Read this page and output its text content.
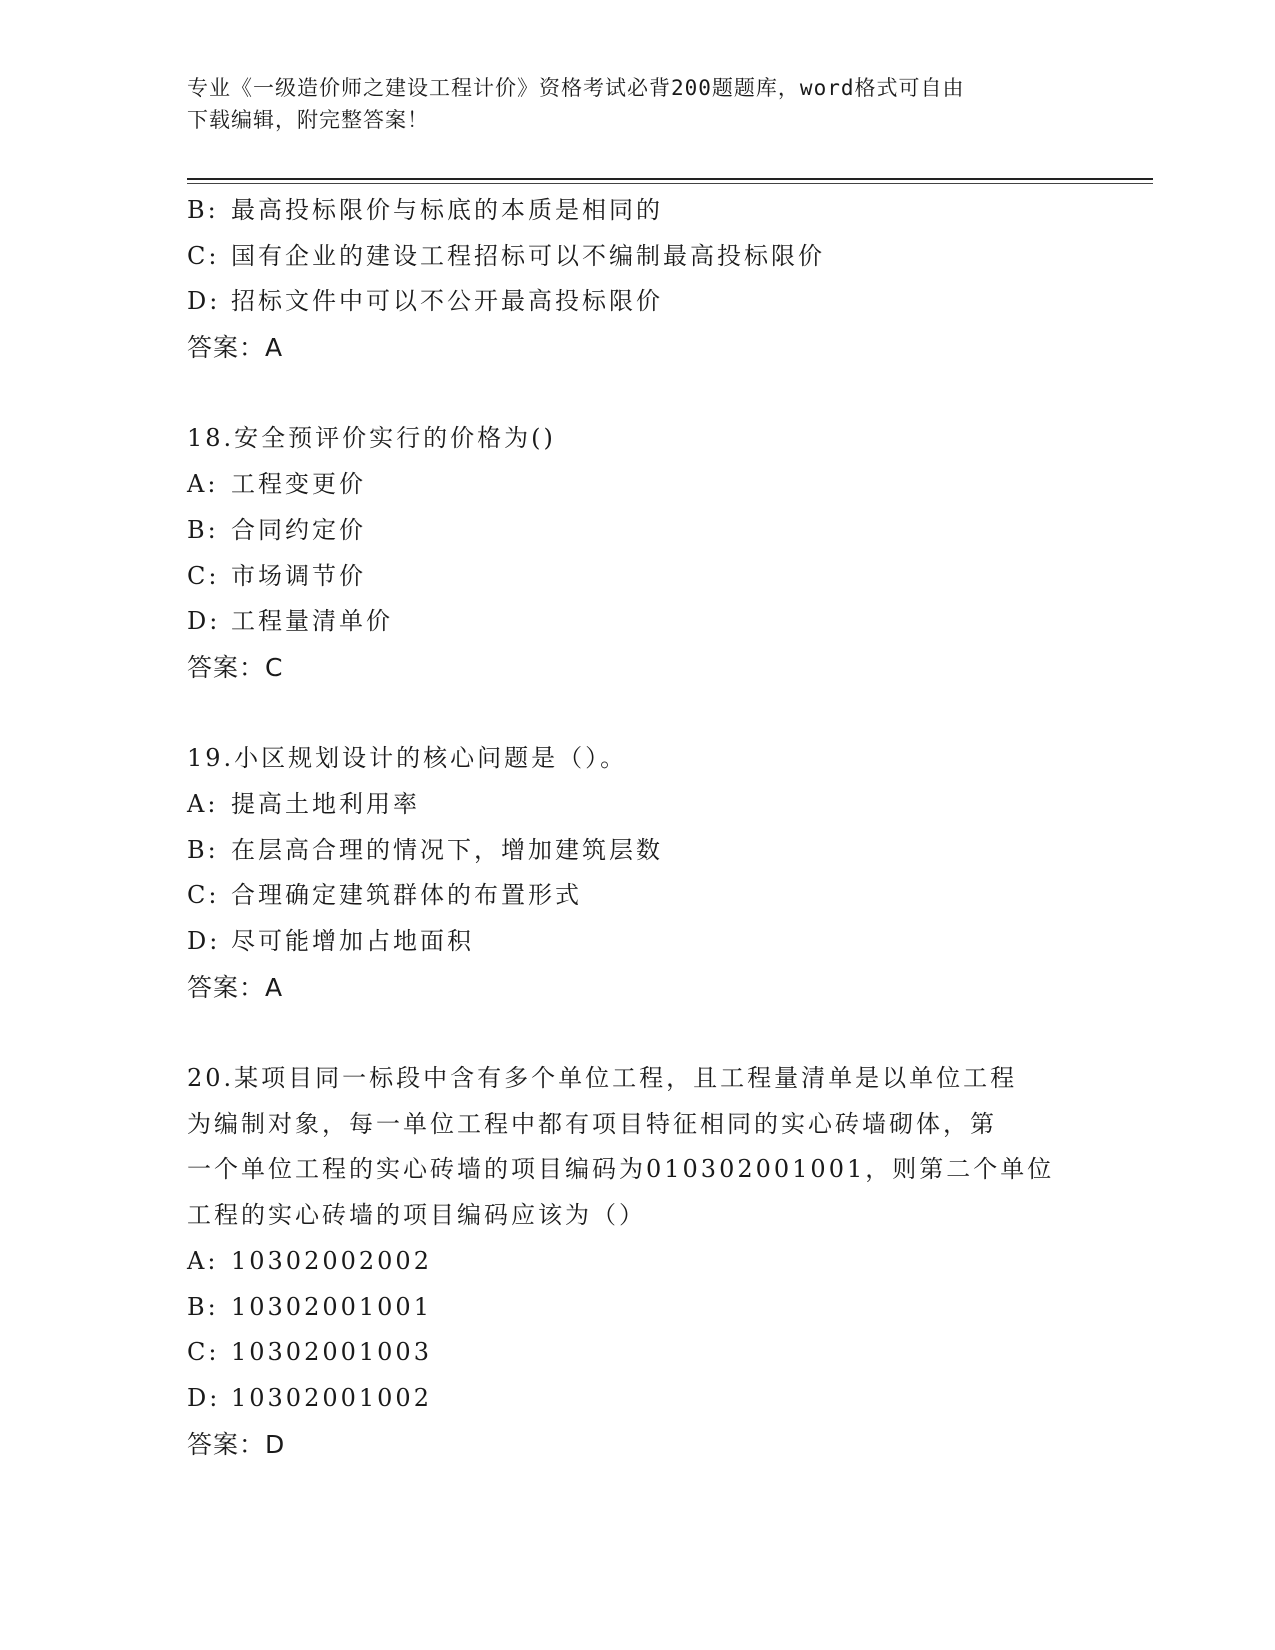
专业《一级造价师之建设工程计价》资格考试必背200题题库，word格式可自由
下载编辑，附完整答案！
B: 最高投标限价与标底的本质是相同的
C: 国有企业的建设工程招标可以不编制最高投标限价
D: 招标文件中可以不公开最高投标限价
答案：A
18.安全预评价实行的价格为()
A: 工程变更价
B: 合同约定价
C: 市场调节价
D: 工程量清单价
答案：C
19.小区规划设计的核心问题是（）。
A: 提高土地利用率
B: 在层高合理的情况下，增加建筑层数
C: 合理确定建筑群体的布置形式
D: 尽可能增加占地面积
答案：A
20.某项目同一标段中含有多个单位工程，且工程量清单是以单位工程
为编制对象，每一单位工程中都有项目特征相同的实心砖墙砌体，第
一个单位工程的实心砖墙的项目编码为010302001001，则第二个单位
工程的实心砖墙的项目编码应该为（）
A: 10302002002
B: 10302001001
C: 10302001003
D: 10302001002
答案：D
